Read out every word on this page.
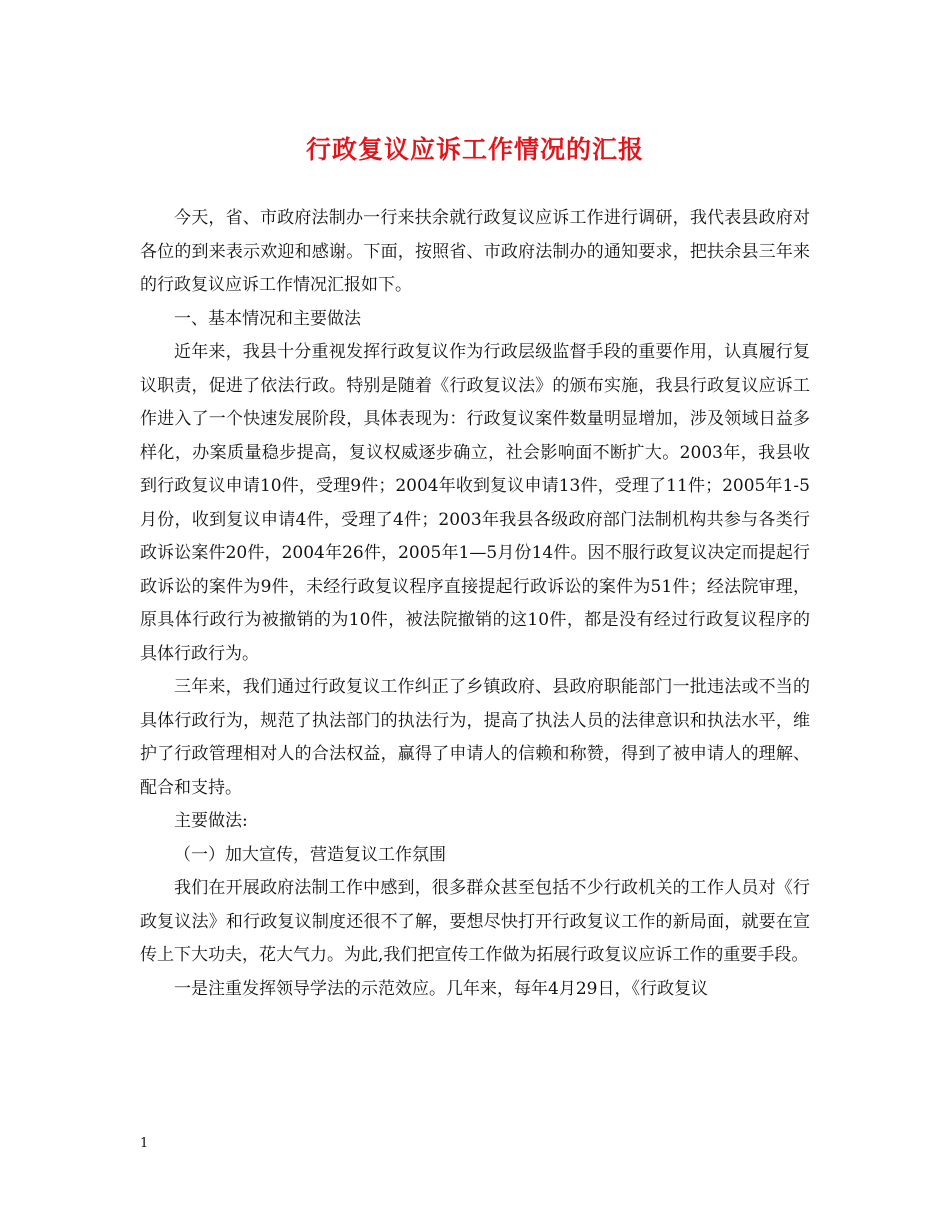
行政复议应诉工作情况的汇报

今天，省、市政府法制办一行来扶余就行政复议应诉工作进行调研，我代表县政府对各位的到来表示欢迎和感谢。下面，按照省、市政府法制办的通知要求，把扶余县三年来的行政复议应诉工作情况汇报如下。

一、基本情况和主要做法

近年来，我县十分重视发挥行政复议作为行政层级监督手段的重要作用，认真履行复议职责，促进了依法行政。特别是随着《行政复议法》的颁布实施，我县行政复议应诉工作进入了一个快速发展阶段，具体表现为：行政复议案件数量明显增加，涉及领域日益多样化，办案质量稳步提高，复议权威逐步确立，社会影响面不断扩大。2003年，我县收到行政复议申请10件，受理9件；2004年收到复议申请13件，受理了11件；2005年1-5月份，收到复议申请4件，受理了4件；2003年我县各级政府部门法制机构共参与各类行政诉讼案件20件，2004年26件，2005年1—5月份14件。因不服行政复议决定而提起行政诉讼的案件为9件，未经行政复议程序直接提起行政诉讼的案件为51件；经法院审理，原具体行政行为被撤销的为10件，被法院撤销的这10件，都是没有经过行政复议程序的具体行政行为。

三年来，我们通过行政复议工作纠正了乡镇政府、县政府职能部门一批违法或不当的具体行政行为，规范了执法部门的执法行为，提高了执法人员的法律意识和执法水平，维护了行政管理相对人的合法权益，赢得了申请人的信赖和称赞，得到了被申请人的理解、配合和支持。

主要做法:

（一）加大宣传，营造复议工作氛围

我们在开展政府法制工作中感到，很多群众甚至包括不少行政机关的工作人员对《行政复议法》和行政复议制度还很不了解，要想尽快打开行政复议工作的新局面，就要在宣传上下大功夫，花大气力。为此,我们把宣传工作做为拓展行政复议应诉工作的重要手段。

一是注重发挥领导学法的示范效应。几年来，每年4月29日，《行政复议

1
